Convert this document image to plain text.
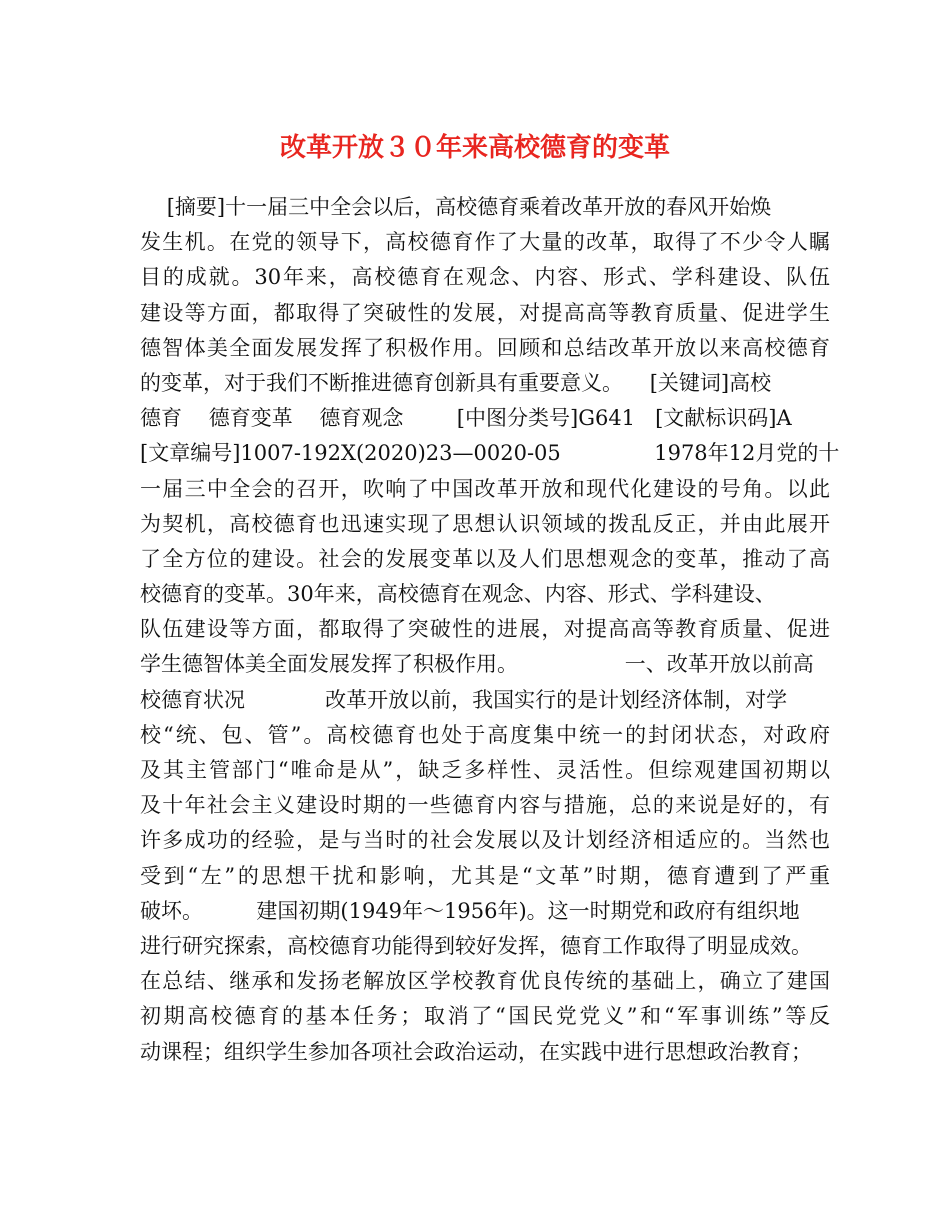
改革开放３０年来高校德育的变革
[摘要]十一届三中全会以后，高校德育乘着改革开放的春风开始焕
发生机。在党的领导下，高校德育作了大量的改革，取得了不少令人瞩
目的成就。30年来，高校德育在观念、内容、形式、学科建设、队伍
建设等方面，都取得了突破性的发展，对提高高等教育质量、促进学生
德智体美全面发展发挥了积极作用。回顾和总结改革开放以来高校德育
的变革，对于我们不断推进德育创新具有重要意义。    [关键词]高校
德育    德育变革    德育观念        [中图分类号]G641   [文献标识码]A
[文章编号]1007-192X(2020)23—0020-05              1978年12月党的十
一届三中全会的召开，吹响了中国改革开放和现代化建设的号角。以此
为契机，高校德育也迅速实现了思想认识领域的拨乱反正，并由此展开
了全方位的建设。社会的发展变革以及人们思想观念的变革，推动了高
校德育的变革。30年来，高校德育在观念、内容、形式、学科建设、
队伍建设等方面，都取得了突破性的进展，对提高高等教育质量、促进
学生德智体美全面发展发挥了积极作用。                一、改革开放以前高
校德育状况            改革开放以前，我国实行的是计划经济体制，对学
校“统、包、管”。高校德育也处于高度集中统一的封闭状态，对政府
及其主管部门“唯命是从”，缺乏多样性、灵活性。但综观建国初期以
及十年社会主义建设时期的一些德育内容与措施，总的来说是好的，有
许多成功的经验，是与当时的社会发展以及计划经济相适应的。当然也
受到“左”的思想干扰和影响，尤其是“文革”时期，德育遭到了严重
破坏。        建国初期(1949年～1956年)。这一时期党和政府有组织地
进行研究探索，高校德育功能得到较好发挥，德育工作取得了明显成效。
在总结、继承和发扬老解放区学校教育优良传统的基础上，确立了建国
初期高校德育的基本任务；取消了“国民党党义”和“军事训练”等反
动课程；组织学生参加各项社会政治运动，在实践中进行思想政治教育；
